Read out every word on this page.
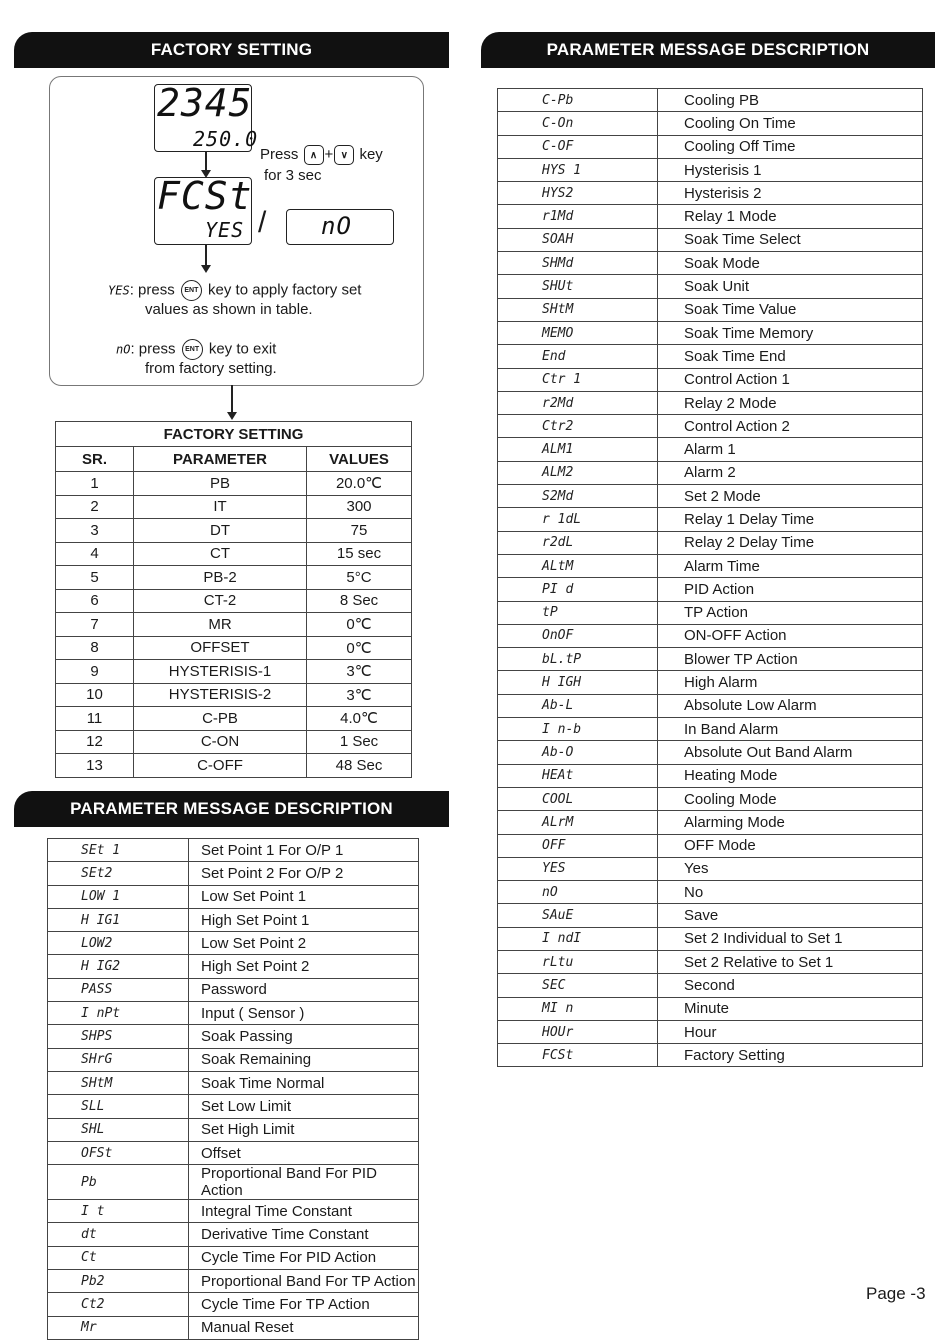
FACTORY SETTING	PARAMETER MESSAGE DESCRIPTION
PARAMETER MESSAGE DESCRIPTION
2345
250.0
Press ∧ + ∨ key
for 3 sec
FCSt
YES / nO
YES: press ENT key to apply factory set
values as shown in table.
nO: press ENT key to exit
from factory setting.
FACTORY SETTING		
SR.	PARAMETER	VALUES
1	PB	20.0℃
2	IT	300
3	DT	75
4	CT	15 sec
5	PB-2	5°C
6	CT-2	8 Sec
7	MR	0℃
8	OFFSET	0℃
9	HYSTERISIS-1	3℃
10	HYSTERISIS-2	3℃
11	C-PB	4.0℃
12	C-ON	1 Sec
13	C-OFF	48 Sec
SEt 1	Set Point 1 For O/P 1
SEt2	Set Point 2 For O/P 2
LOW 1	Low Set Point 1
H IG1	High Set Point 1
LOW2	Low Set Point 2
H IG2	High Set Point 2
PASS	Password
I nPt	Input ( Sensor )
SHPS	Soak Passing
SHrG	Soak Remaining
SHtM	Soak Time Normal
SLL	Set Low Limit
SHL	Set High Limit
OFSt	Offset
Pb	Proportional Band For PID Action
I t	Integral Time Constant
dt	Derivative Time Constant
Ct	Cycle Time For PID Action
Pb2	Proportional Band For TP Action
Ct2	Cycle Time For TP Action
Mr	Manual Reset
C-Pb	Cooling PB
C-On	Cooling On Time
C-OF	Cooling Off Time
HYS 1	Hysterisis 1
HYS2	Hysterisis 2
r1Md	Relay 1 Mode
SOAH	Soak Time Select
SHMd	Soak Mode
SHUt	Soak Unit
SHtM	Soak Time Value
MEMO	Soak Time Memory
End	Soak Time End
Ctr 1	Control Action 1
r2Md	Relay 2 Mode
Ctr2	Control Action 2
ALM1	Alarm 1
ALM2	Alarm 2
S2Md	Set 2 Mode
r 1dL	Relay 1 Delay Time
r2dL	Relay 2 Delay Time
ALtM	Alarm Time
PI d	PID Action
tP	TP Action
OnOF	ON-OFF Action
bL.tP	Blower TP Action
H IGH	High Alarm
Ab-L	Absolute Low Alarm
I n-b	In Band Alarm
Ab-O	Absolute Out Band Alarm
HEAt	Heating Mode
COOL	Cooling Mode
ALrM	Alarming Mode
OFF	OFF Mode
YES	Yes
nO	No
SAuE	Save
I ndI	Set 2 Individual to Set 1
rLtu	Set 2 Relative to Set 1
SEC	Second
MI n	Minute
HOUr	Hour
FCSt	Factory Setting
Page -3
